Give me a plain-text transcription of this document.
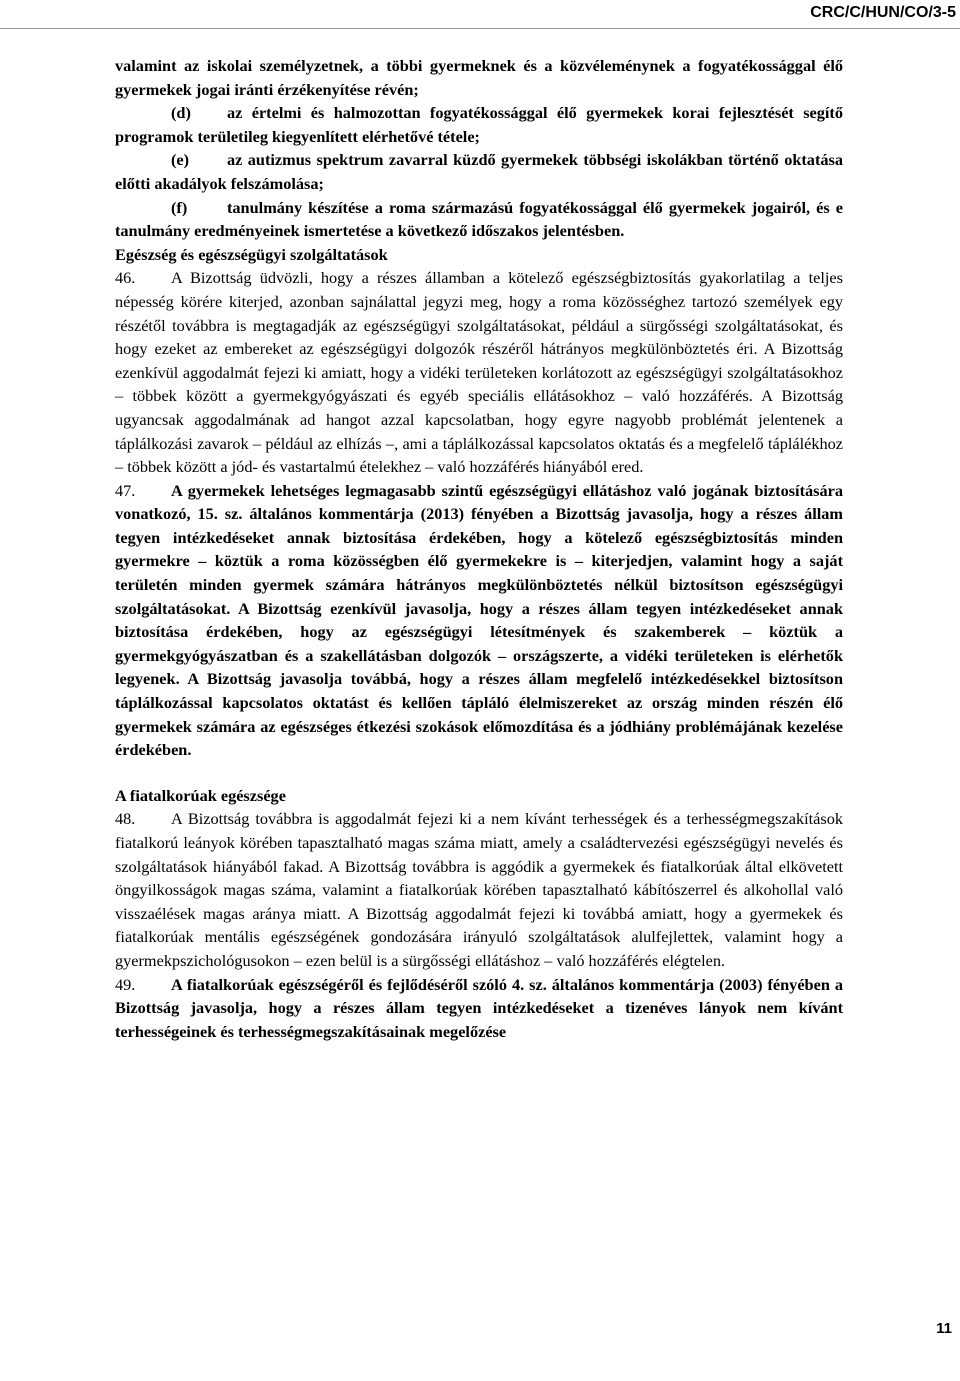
CRC/C/HUN/CO/3-5

valamint az iskolai személyzetnek, a többi gyermeknek és a közvéleménynek a fogyatékossággal élő gyermekek jogai iránti érzékenyítése révén;

(d) az értelmi és halmozottan fogyatékossággal élő gyermekek korai fejlesztését segítő programok területileg kiegyenlített elérhetővé tétele;

(e) az autizmus spektrum zavarral küzdő gyermekek többségi iskolákban történő oktatása előtti akadályok felszámolása;

(f) tanulmány készítése a roma származású fogyatékossággal élő gyermekek jogairól, és e tanulmány eredményeinek ismertetése a következő időszakos jelentésben.

Egészség és egészségügyi szolgáltatások

46. A Bizottság üdvözli, hogy a részes államban a kötelező egészségbiztosítás gyakorlatilag a teljes népesség körére kiterjed, azonban sajnálattal jegyzi meg, hogy a roma közösséghez tartozó személyek egy részétől továbbra is megtagadják az egészségügyi szolgáltatásokat, például a sürgősségi szolgáltatásokat, és hogy ezeket az embereket az egészségügyi dolgozók részéről hátrányos megkülönböztetés éri. A Bizottság ezenkívül aggodalmát fejezi ki amiatt, hogy a vidéki területeken korlátozott az egészségügyi szolgáltatásokhoz – többek között a gyermekgyógyászati és egyéb speciális ellátásokhoz – való hozzáférés. A Bizottság ugyancsak aggodalmának ad hangot azzal kapcsolatban, hogy egyre nagyobb problémát jelentenek a táplálkozási zavarok – például az elhízás –, ami a táplálkozással kapcsolatos oktatás és a megfelelő táplálékhoz – többek között a jód- és vastartalmú ételekhez – való hozzáférés hiányából ered.

47. A gyermekek lehetséges legmagasabb szintű egészségügyi ellátáshoz való jogának biztosítására vonatkozó, 15. sz. általános kommentárja (2013) fényében a Bizottság javasolja, hogy a részes állam tegyen intézkedéseket annak biztosítása érdekében, hogy a kötelező egészségbiztosítás minden gyermekre – köztük a roma közösségben élő gyermekekre is – kiterjedjen, valamint hogy a saját területén minden gyermek számára hátrányos megkülönböztetés nélkül biztosítson egészségügyi szolgáltatásokat. A Bizottság ezenkívül javasolja, hogy a részes állam tegyen intézkedéseket annak biztosítása érdekében, hogy az egészségügyi létesítmények és szakemberek – köztük a gyermekgyógyászatban és a szakellátásban dolgozók – országszerte, a vidéki területeken is elérhetők legyenek. A Bizottság javasolja továbbá, hogy a részes állam megfelelő intézkedésekkel biztosítson táplálkozással kapcsolatos oktatást és kellően tápláló élelmiszereket az ország minden részén élő gyermekek számára az egészséges étkezési szokások előmozdítása és a jódhiány problémájának kezelése érdekében.

A fiatalkorúak egészsége

48. A Bizottság továbbra is aggodalmát fejezi ki a nem kívánt terhességek és a terhességmegszakítások fiatalkorú leányok körében tapasztalható magas száma miatt, amely a családtervezési egészségügyi nevelés és szolgáltatások hiányából fakad. A Bizottság továbbra is aggódik a gyermekek és fiatalkorúak által elkövetett öngyilkosságok magas száma, valamint a fiatalkorúak körében tapasztalható kábítószerrel és alkohollal való visszaélések magas aránya miatt. A Bizottság aggodalmát fejezi ki továbbá amiatt, hogy a gyermekek és fiatalkorúak mentális egészségének gondozására irányuló szolgáltatások alulfejlettek, valamint hogy a gyermekpszichológusokon – ezen belül is a sürgősségi ellátáshoz – való hozzáférés elégtelen.

49. A fiatalkorúak egészségéről és fejlődéséről szóló 4. sz. általános kommentárja (2003) fényében a Bizottság javasolja, hogy a részes állam tegyen intézkedéseket a tizenéves lányok nem kívánt terhességeinek és terhességmegszakításainak megelőzése

11
